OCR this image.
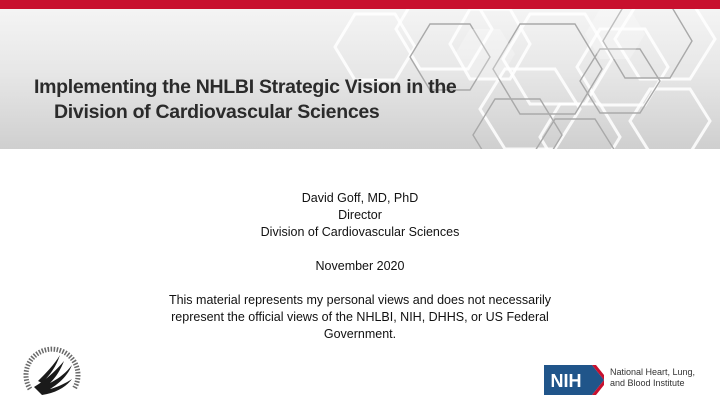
Implementing the NHLBI Strategic Vision in the
Division of Cardiovascular Sciences
David Goff, MD, PhD
Director
Division of Cardiovascular Sciences
November 2020
This material represents my personal views and does not necessarily
represent the official views of the NHLBI, NIH, DHHS, or US Federal
Government.
NIH	National Heart, Lung,
and Blood Institute
